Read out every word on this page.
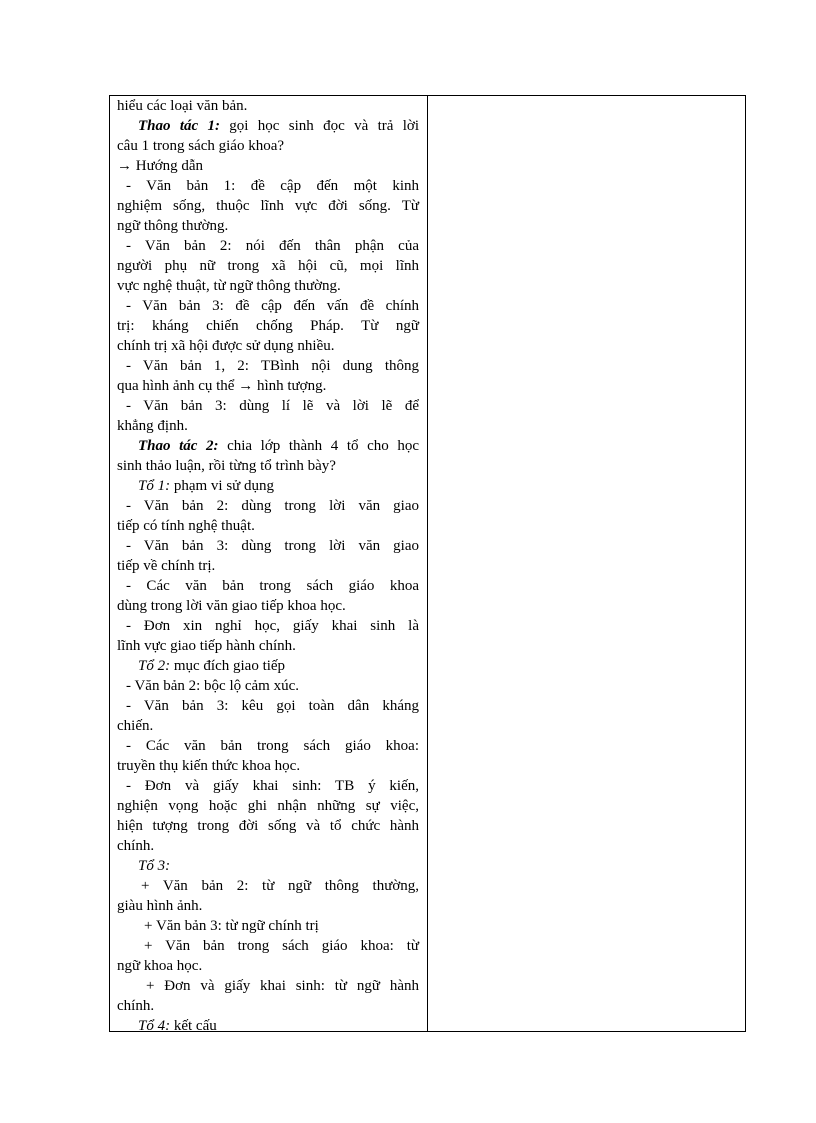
hiểu các loại văn bản.
Thao tác 1: gọi học sinh đọc và trả lời
câu 1 trong sách giáo khoa?
→ Hướng dẫn
- Văn bản 1: đề cập đến một kinh
nghiệm sống, thuộc lĩnh vực đời sống. Từ
ngữ thông thường.
- Văn bản 2: nói đến thân phận của
người phụ nữ trong xã hội cũ, mọi lĩnh
vực nghệ thuật, từ ngữ thông thường.
- Văn bản 3: đề cập đến vấn đề chính
trị: kháng chiến chống Pháp. Từ ngữ
chính trị xã hội được sử dụng nhiều.
- Văn bản 1, 2: TBình nội dung thông
qua hình ảnh cụ thể → hình tượng.
- Văn bản 3: dùng lí lẽ và lời lẽ để
khẳng định.
Thao tác 2: chia lớp thành 4 tổ cho học
sinh thảo luận, rồi từng tổ trình bày?
Tổ 1: phạm vi sử dụng
- Văn bản 2: dùng trong lời văn giao
tiếp có tính nghệ thuật.
- Văn bản 3: dùng trong lời văn giao
tiếp về chính trị.
- Các văn bản trong sách giáo khoa
dùng trong lời văn giao tiếp khoa học.
- Đơn xin nghỉ học, giấy khai sinh là
lĩnh vực giao tiếp hành chính.
Tổ 2: mục đích giao tiếp
- Văn bản 2: bộc lộ cảm xúc.
- Văn bản 3: kêu gọi toàn dân kháng
chiến.
- Các văn bản trong sách giáo khoa:
truyền thụ kiến thức khoa học.
- Đơn và giấy khai sinh: TB ý kiến,
nghiện vọng hoặc ghi nhận những sự việc,
hiện tượng trong đời sống và tổ chức hành
chính.
Tổ 3:
+ Văn bản 2: từ ngữ thông thường,
giàu hình ảnh.
+ Văn bản 3: từ ngữ chính trị
+ Văn bản trong sách giáo khoa: từ
ngữ khoa học.
+ Đơn và giấy khai sinh: từ ngữ hành
chính.
Tổ 4: kết cấu
